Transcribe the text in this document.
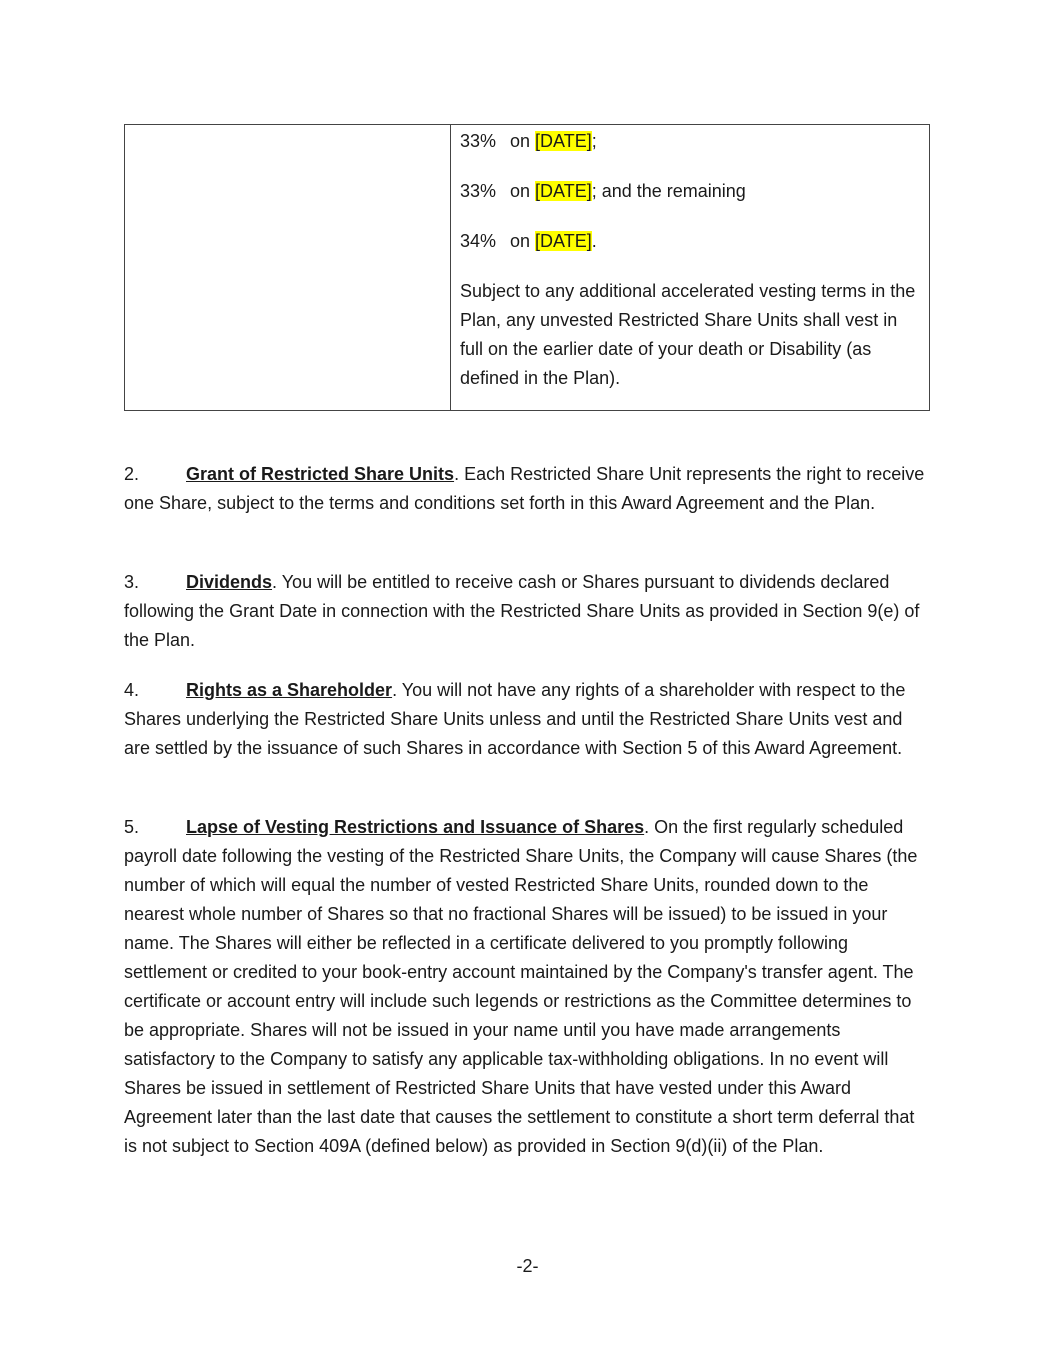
33% on [DATE];
33% on [DATE]; and the remaining
34% on [DATE].

Subject to any additional accelerated vesting terms in the Plan, any unvested Restricted Share Units shall vest in full on the earlier date of your death or Disability (as defined in the Plan).

2.	Grant of Restricted Share Units. Each Restricted Share Unit represents the right to receive one Share, subject to the terms and conditions set forth in this Award Agreement and the Plan.

3.	Dividends. You will be entitled to receive cash or Shares pursuant to dividends declared following the Grant Date in connection with the Restricted Share Units as provided in Section 9(e) of the Plan.

4.	Rights as a Shareholder. You will not have any rights of a shareholder with respect to the Shares underlying the Restricted Share Units unless and until the Restricted Share Units vest and are settled by the issuance of such Shares in accordance with Section 5 of this Award Agreement.

5.	Lapse of Vesting Restrictions and Issuance of Shares. On the first regularly scheduled payroll date following the vesting of the Restricted Share Units, the Company will cause Shares (the number of which will equal the number of vested Restricted Share Units, rounded down to the nearest whole number of Shares so that no fractional Shares will be issued) to be issued in your name. The Shares will either be reflected in a certificate delivered to you promptly following settlement or credited to your book-entry account maintained by the Company's transfer agent. The certificate or account entry will include such legends or restrictions as the Committee determines to be appropriate. Shares will not be issued in your name until you have made arrangements satisfactory to the Company to satisfy any applicable tax-withholding obligations. In no event will Shares be issued in settlement of Restricted Share Units that have vested under this Award Agreement later than the last date that causes the settlement to constitute a short term deferral that is not subject to Section 409A (defined below) as provided in Section 9(d)(ii) of the Plan.

-2-
